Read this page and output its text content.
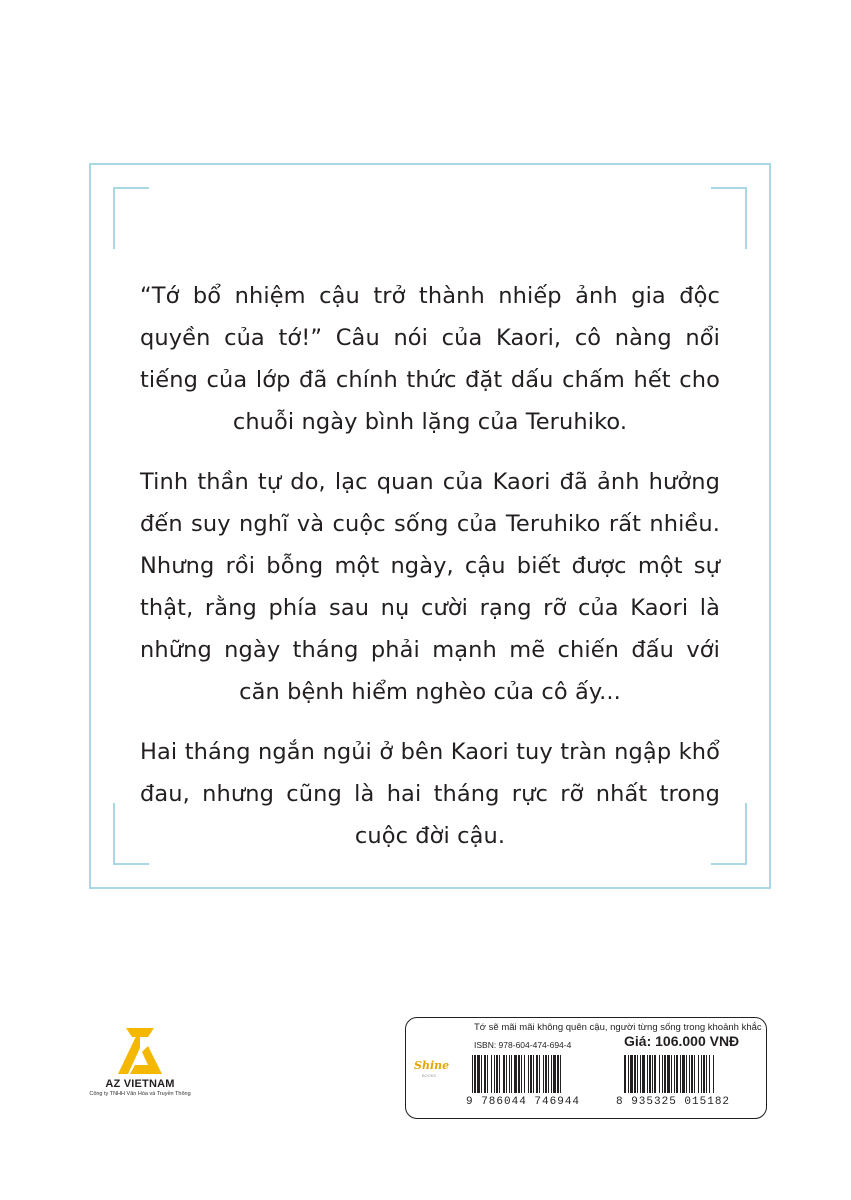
“Tớ bổ nhiệm cậu trở thành nhiếp ảnh gia độc quyền của tớ!” Câu nói của Kaori, cô nàng nổi tiếng của lớp đã chính thức đặt dấu chấm hết cho chuỗi ngày bình lặng của Teruhiko.

Tinh thần tự do, lạc quan của Kaori đã ảnh hưởng đến suy nghĩ và cuộc sống của Teruhiko rất nhiều. Nhưng rồi bỗng một ngày, cậu biết được một sự thật, rằng phía sau nụ cười rạng rỡ của Kaori là những ngày tháng phải mạnh mẽ chiến đấu với căn bệnh hiểm nghèo của cô ấy...

Hai tháng ngắn ngủi ở bên Kaori tuy tràn ngập khổ đau, nhưng cũng là hai tháng rực rỡ nhất trong cuộc đời cậu.

AZ VIETNAM
Công ty TNHH Văn Hóa và Truyền Thông
Tớ sẽ mãi mãi không quên cậu, người từng sống trong khoảnh khắc
ISBN: 978-604-474-694-4	Giá: 106.000 VNĐ
Shine
BOOKS
9 786044 746944	8 935325 015182
